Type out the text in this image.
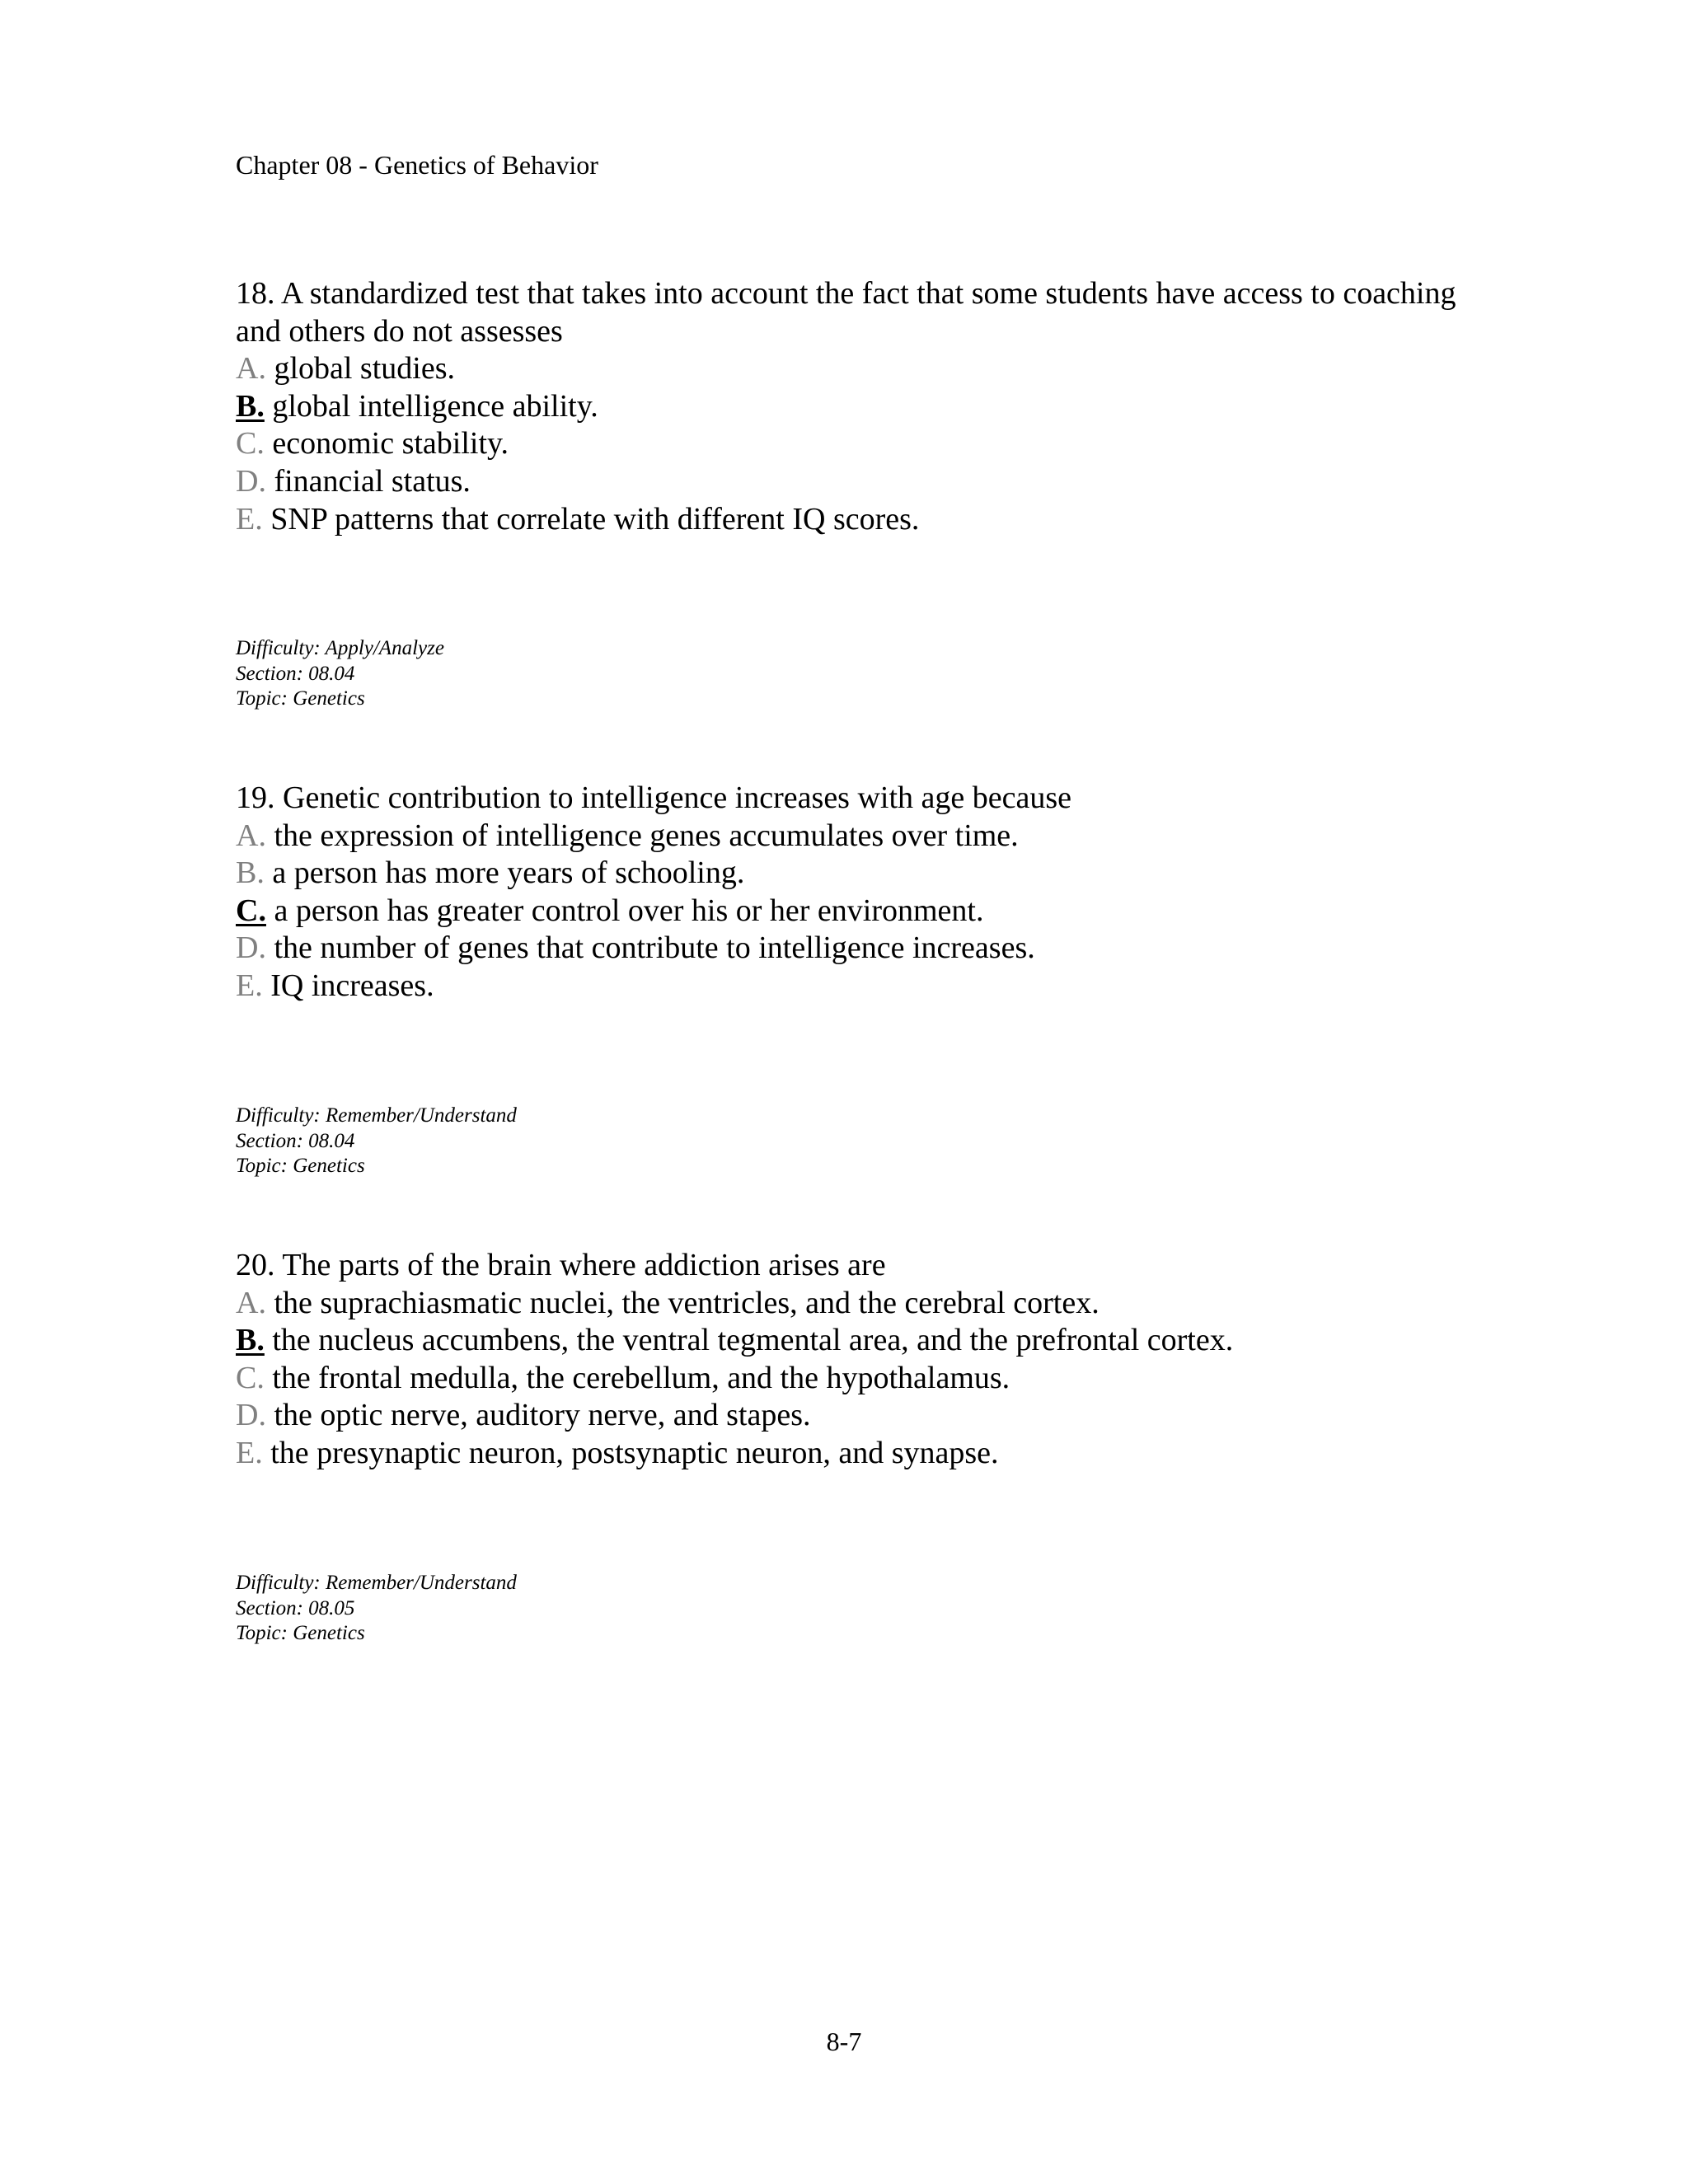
Chapter 08 - Genetics of Behavior

18. A standardized test that takes into account the fact that some students have access to coaching and others do not assesses

A. global studies.

B. global intelligence ability.

C. economic stability.

D. financial status.

E. SNP patterns that correlate with different IQ scores.

Difficulty: Apply/Analyze
Section: 08.04
Topic: Genetics

19. Genetic contribution to intelligence increases with age because

A. the expression of intelligence genes accumulates over time.

B. a person has more years of schooling.

C. a person has greater control over his or her environment.

D. the number of genes that contribute to intelligence increases.

E. IQ increases.

Difficulty: Remember/Understand
Section: 08.04
Topic: Genetics

20. The parts of the brain where addiction arises are

A. the suprachiasmatic nuclei, the ventricles, and the cerebral cortex.

B. the nucleus accumbens, the ventral tegmental area, and the prefrontal cortex.

C. the frontal medulla, the cerebellum, and the hypothalamus.

D. the optic nerve, auditory nerve, and stapes.

E. the presynaptic neuron, postsynaptic neuron, and synapse.

Difficulty: Remember/Understand
Section: 08.05
Topic: Genetics
8-7
